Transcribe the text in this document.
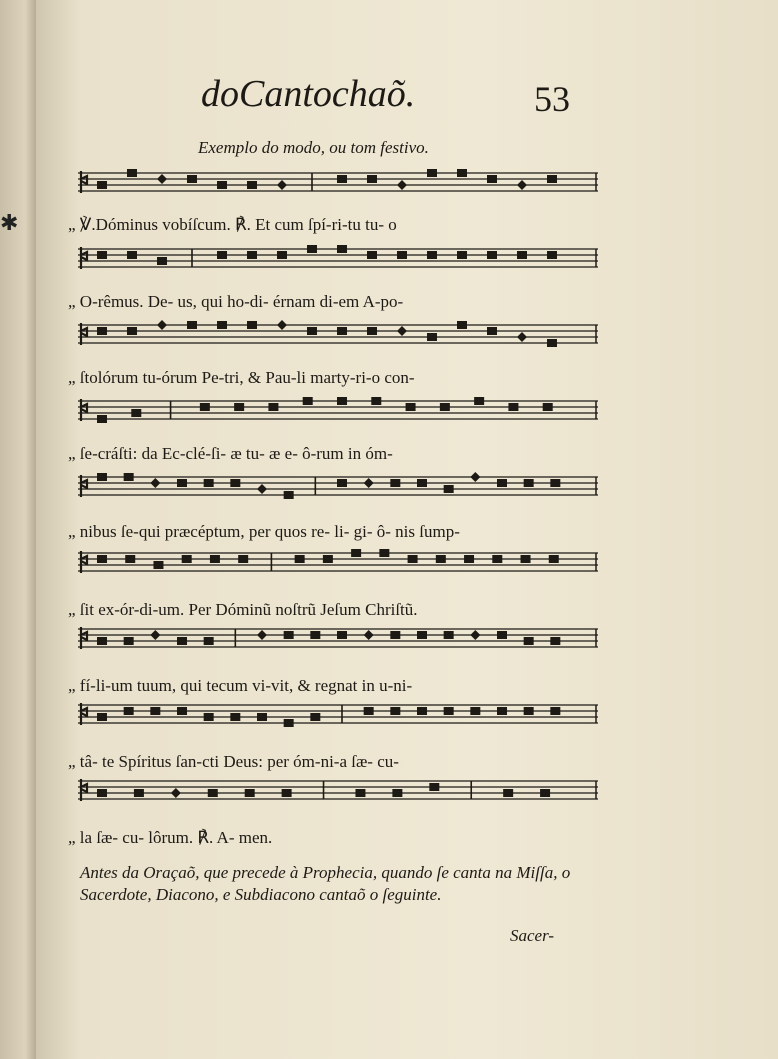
✱
doCantochaõ.	53
Exemplo do modo, ou tom festivo.

„ ℣.Dóminus vobíſcum. ℟. Et cum ſpí-ri-tu tu- o

„ O-rêmus. De- us, qui ho-di- érnam di-em A-po-

„ ſtolórum tu-órum Pe-tri, & Pau-li marty-ri-o con-

„ ſe-cráſti: da Ec-clé-ſi- æ tu- æ e- ô-rum in óm-

„ nibus ſe-qui præcéptum, per quos re- li- gi- ô- nis ſump-

„ ſit ex-ór-di-um. Per Dóminũ noſtrũ Jeſum Chriſtũ.

„ fí-li-um tuum, qui tecum vi-vit, & regnat in u-ni-

„ tâ- te Spíritus ſan-cti Deus: per óm-ni-a ſæ- cu-

„ la ſæ- cu- lôrum. ℟. A- men.

Antes da Oraçaõ, que precede à Prophecia, quando ſe canta na Miſſa, o Sacerdote, Diacono, e Subdiacono cantaõ o ſeguinte.

Sacer-
